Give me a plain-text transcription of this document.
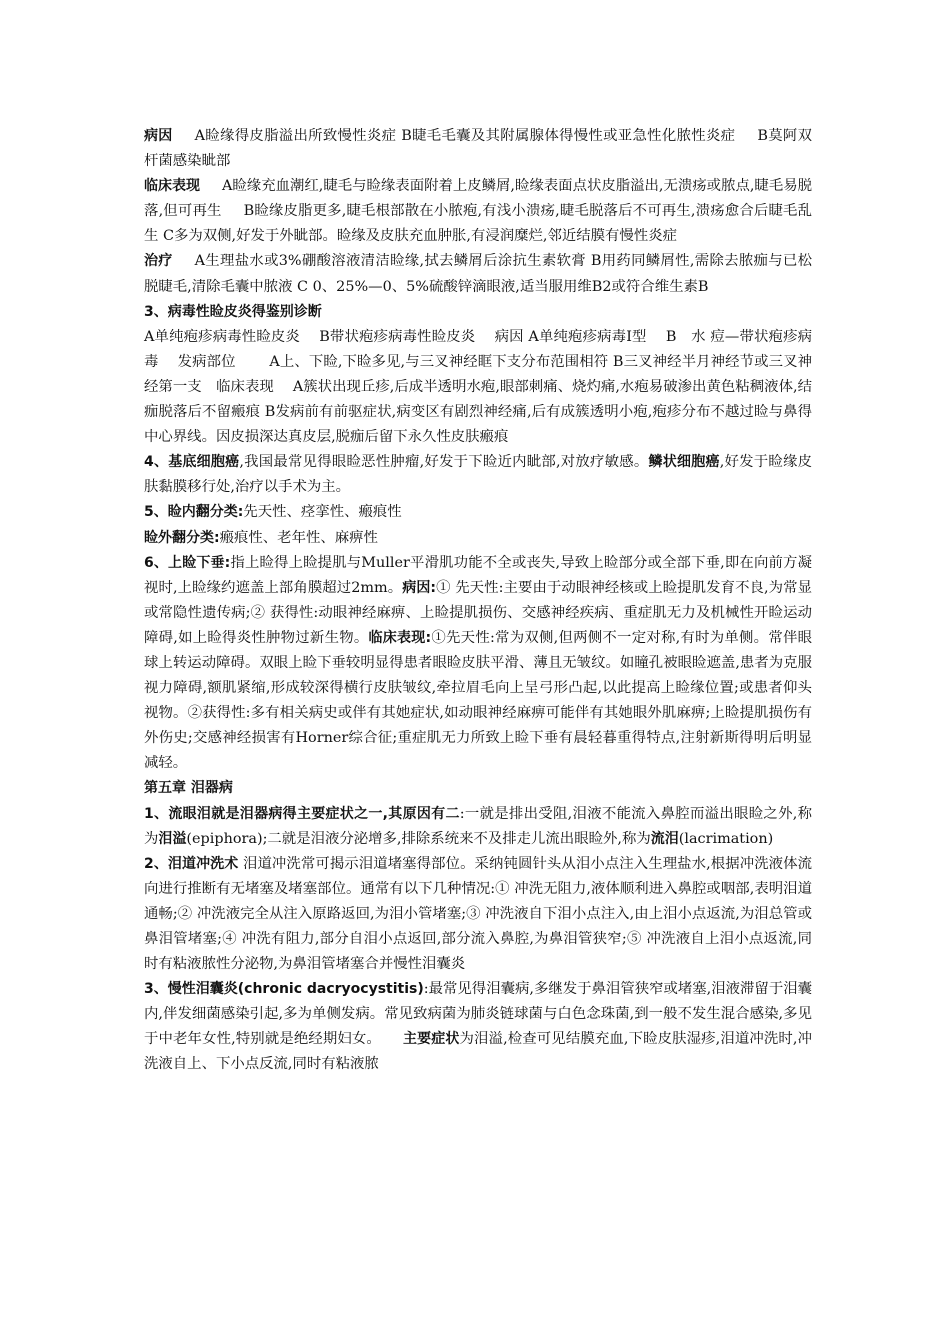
病因 A睑缘得皮脂溢出所致慢性炎症 B睫毛毛囊及其附属腺体得慢性或亚急性化脓性炎症 B莫阿双杆菌感染眦部

临床表现 A睑缘充血潮红,睫毛与睑缘表面附着上皮鳞屑,睑缘表面点状皮脂溢出,无溃疡或脓点,睫毛易脱落,但可再生 B睑缘皮脂更多,睫毛根部散在小脓疱,有浅小溃疡,睫毛脱落后不可再生,溃疡愈合后睫毛乱生 C多为双侧,好发于外眦部。睑缘及皮肤充血肿胀,有浸润糜烂,邻近结膜有慢性炎症

治疗 A生理盐水或3%硼酸溶液清洁睑缘,拭去鳞屑后涂抗生素软膏 B用药同鳞屑性,需除去脓痂与已松脱睫毛,清除毛囊中脓液 C 0、25%—0、5%硫酸锌滴眼液,适当服用维B2或符合维生素B

3、病毒性睑皮炎得鉴别诊断

A单纯疱疹病毒性睑皮炎　 B带状疱疹病毒性睑皮炎　 病因 A单纯疱疹病毒Ⅰ型　 B　水 痘—带状疱疹病毒　 发病部位　　 A上、下睑,下睑多见,与三叉神经眶下支分布范围相符 B三叉神经半月神经节或三叉神经第一支　临床表现　 A簇状出现丘疹,后成半透明水疱,眼部刺痛、烧灼痛,水疱易破渗出黄色粘稠液体,结痂脱落后不留瘢痕 B发病前有前驱症状,病变区有剧烈神经痛,后有成簇透明小疱,疱疹分布不越过睑与鼻得中心界线。因皮损深达真皮层,脱痂后留下永久性皮肤瘢痕

4、基底细胞癌,我国最常见得眼睑恶性肿瘤,好发于下睑近内眦部,对放疗敏感。鳞状细胞癌,好发于睑缘皮肤黏膜移行处,治疗以手术为主。

5、睑内翻分类:先天性、痉挛性、瘢痕性

睑外翻分类:瘢痕性、老年性、麻痹性

6、上睑下垂:指上睑得上睑提肌与Muller平滑肌功能不全或丧失,导致上睑部分或全部下垂,即在向前方凝视时,上睑缘约遮盖上部角膜超过2mm。病因:① 先天性:主要由于动眼神经核或上睑提肌发育不良,为常显或常隐性遗传病;② 获得性:动眼神经麻痹、上睑提肌损伤、交感神经疾病、重症肌无力及机械性开睑运动障碍,如上睑得炎性肿物过新生物。临床表现:①先天性:常为双侧,但两侧不一定对称,有时为单侧。常伴眼球上转运动障碍。双眼上睑下垂较明显得患者眼睑皮肤平滑、薄且无皱纹。如瞳孔被眼睑遮盖,患者为克服视力障碍,额肌紧缩,形成较深得横行皮肤皱纹,牵拉眉毛向上呈弓形凸起,以此提高上睑缘位置;或患者仰头视物。②获得性:多有相关病史或伴有其她症状,如动眼神经麻痹可能伴有其她眼外肌麻痹;上睑提肌损伤有外伤史;交感神经损害有Horner综合征;重症肌无力所致上睑下垂有晨轻暮重得特点,注射新斯得明后明显减轻。

第五章 泪器病

1、流眼泪就是泪器病得主要症状之一,其原因有二:一就是排出受阻,泪液不能流入鼻腔而溢出眼睑之外,称为泪溢(epiphora);二就是泪液分泌增多,排除系统来不及排走儿流出眼睑外,称为流泪(lacrimation)

2、泪道冲洗术 泪道冲洗常可揭示泪道堵塞得部位。采纳钝圆针头从泪小点注入生理盐水,根据冲洗液体流向进行推断有无堵塞及堵塞部位。通常有以下几种情况:① 冲洗无阻力,液体顺利进入鼻腔或咽部,表明泪道通畅;② 冲洗液完全从注入原路返回,为泪小管堵塞;③ 冲洗液自下泪小点注入,由上泪小点返流,为泪总管或鼻泪管堵塞;④ 冲洗有阻力,部分自泪小点返回,部分流入鼻腔,为鼻泪管狭窄;⑤ 冲洗液自上泪小点返流,同时有粘液脓性分泌物,为鼻泪管堵塞合并慢性泪囊炎

3、慢性泪囊炎(chronic dacryocystitis):最常见得泪囊病,多继发于鼻泪管狭窄或堵塞,泪液滞留于泪囊内,伴发细菌感染引起,多为单侧发病。常见致病菌为肺炎链球菌与白色念珠菌,到一般不发生混合感染,多见于中老年女性,特别就是绝经期妇女。 主要症状为泪溢,检查可见结膜充血,下睑皮肤湿疹,泪道冲洗时,冲洗液自上、下小点反流,同时有粘液脓
